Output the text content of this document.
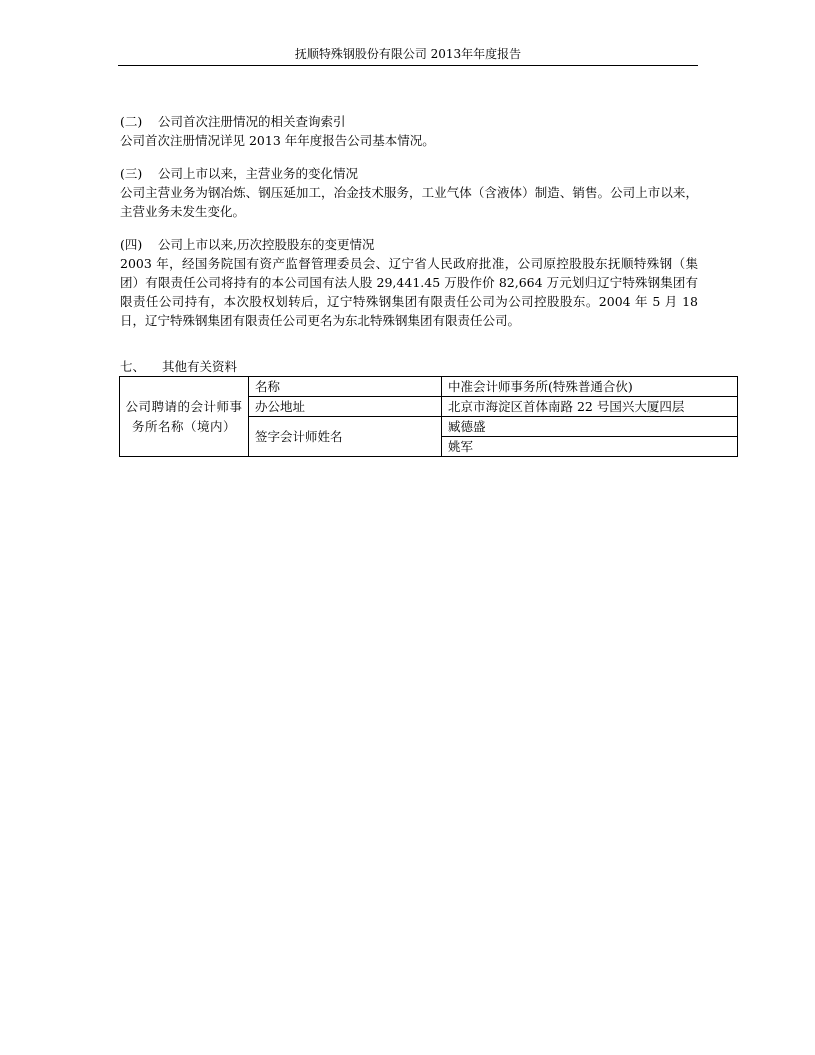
抚顺特殊钢股份有限公司 2013年年度报告

(二) 公司首次注册情况的相关查询索引

公司首次注册情况详见 2013 年年度报告公司基本情况。

(三) 公司上市以来，主营业务的变化情况

公司主营业务为钢冶炼、钢压延加工，冶金技术服务，工业气体（含液体）制造、销售。公司上市以来，主营业务未发生变化。

(四) 公司上市以来,历次控股股东的变更情况

2003 年，经国务院国有资产监督管理委员会、辽宁省人民政府批准，公司原控股股东抚顺特殊钢（集团）有限责任公司将持有的本公司国有法人股 29,441.45 万股作价 82,664 万元划归辽宁特殊钢集团有限责任公司持有，本次股权划转后，辽宁特殊钢集团有限责任公司为公司控股股东。2004 年 5 月 18 日，辽宁特殊钢集团有限责任公司更名为东北特殊钢集团有限责任公司。

七、 其他有关资料
公司聘请的会计师事务所名称（境内）	名称	中准会计师事务所(特殊普通合伙)
	办公地址	北京市海淀区首体南路 22 号国兴大厦四层
	签字会计师姓名	臧德盛
		姚军
